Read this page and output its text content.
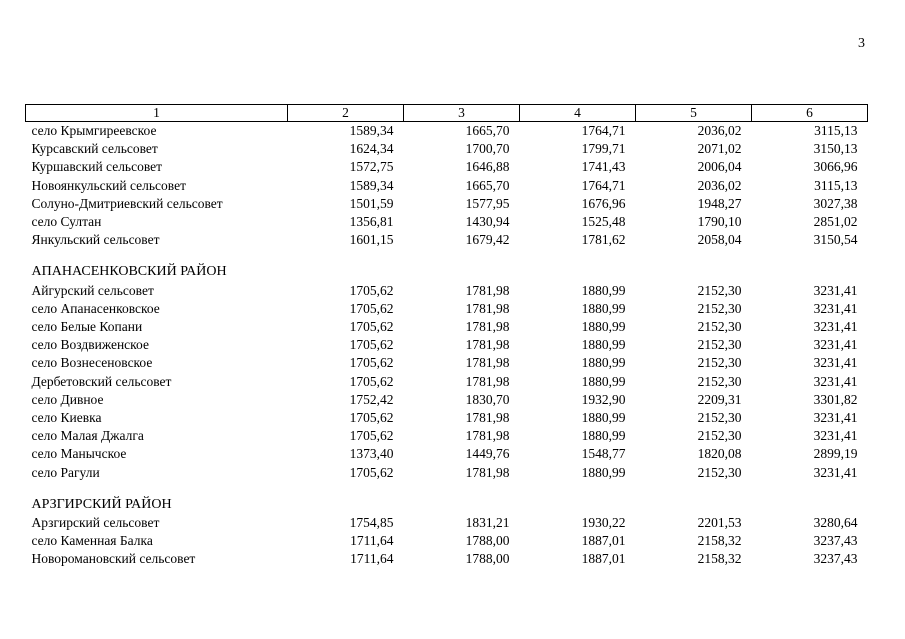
3
1	2	3	4	5	6
село Крымгиреевское	1589,34	1665,70	1764,71	2036,02	3115,13
Курсавский сельсовет	1624,34	1700,70	1799,71	2071,02	3150,13
Куршавский сельсовет	1572,75	1646,88	1741,43	2006,04	3066,96
Новоянкульский сельсовет	1589,34	1665,70	1764,71	2036,02	3115,13
Солуно-Дмитриевский сельсовет	1501,59	1577,95	1676,96	1948,27	3027,38
село Султан	1356,81	1430,94	1525,48	1790,10	2851,02
Янкульский сельсовет	1601,15	1679,42	1781,62	2058,04	3150,54

АПАНАСЕНКОВСКИЙ РАЙОН					
Айгурский сельсовет	1705,62	1781,98	1880,99	2152,30	3231,41
село Апанасенковское	1705,62	1781,98	1880,99	2152,30	3231,41
село Белые Копани	1705,62	1781,98	1880,99	2152,30	3231,41
село Воздвиженское	1705,62	1781,98	1880,99	2152,30	3231,41
село Вознесеновское	1705,62	1781,98	1880,99	2152,30	3231,41
Дербетовский сельсовет	1705,62	1781,98	1880,99	2152,30	3231,41
село Дивное	1752,42	1830,70	1932,90	2209,31	3301,82
село Киевка	1705,62	1781,98	1880,99	2152,30	3231,41
село Малая Джалга	1705,62	1781,98	1880,99	2152,30	3231,41
село Манычское	1373,40	1449,76	1548,77	1820,08	2899,19
село Рагули	1705,62	1781,98	1880,99	2152,30	3231,41

АРЗГИРСКИЙ РАЙОН					
Арзгирский сельсовет	1754,85	1831,21	1930,22	2201,53	3280,64
село Каменная Балка	1711,64	1788,00	1887,01	2158,32	3237,43
Новоромановский сельсовет	1711,64	1788,00	1887,01	2158,32	3237,43
